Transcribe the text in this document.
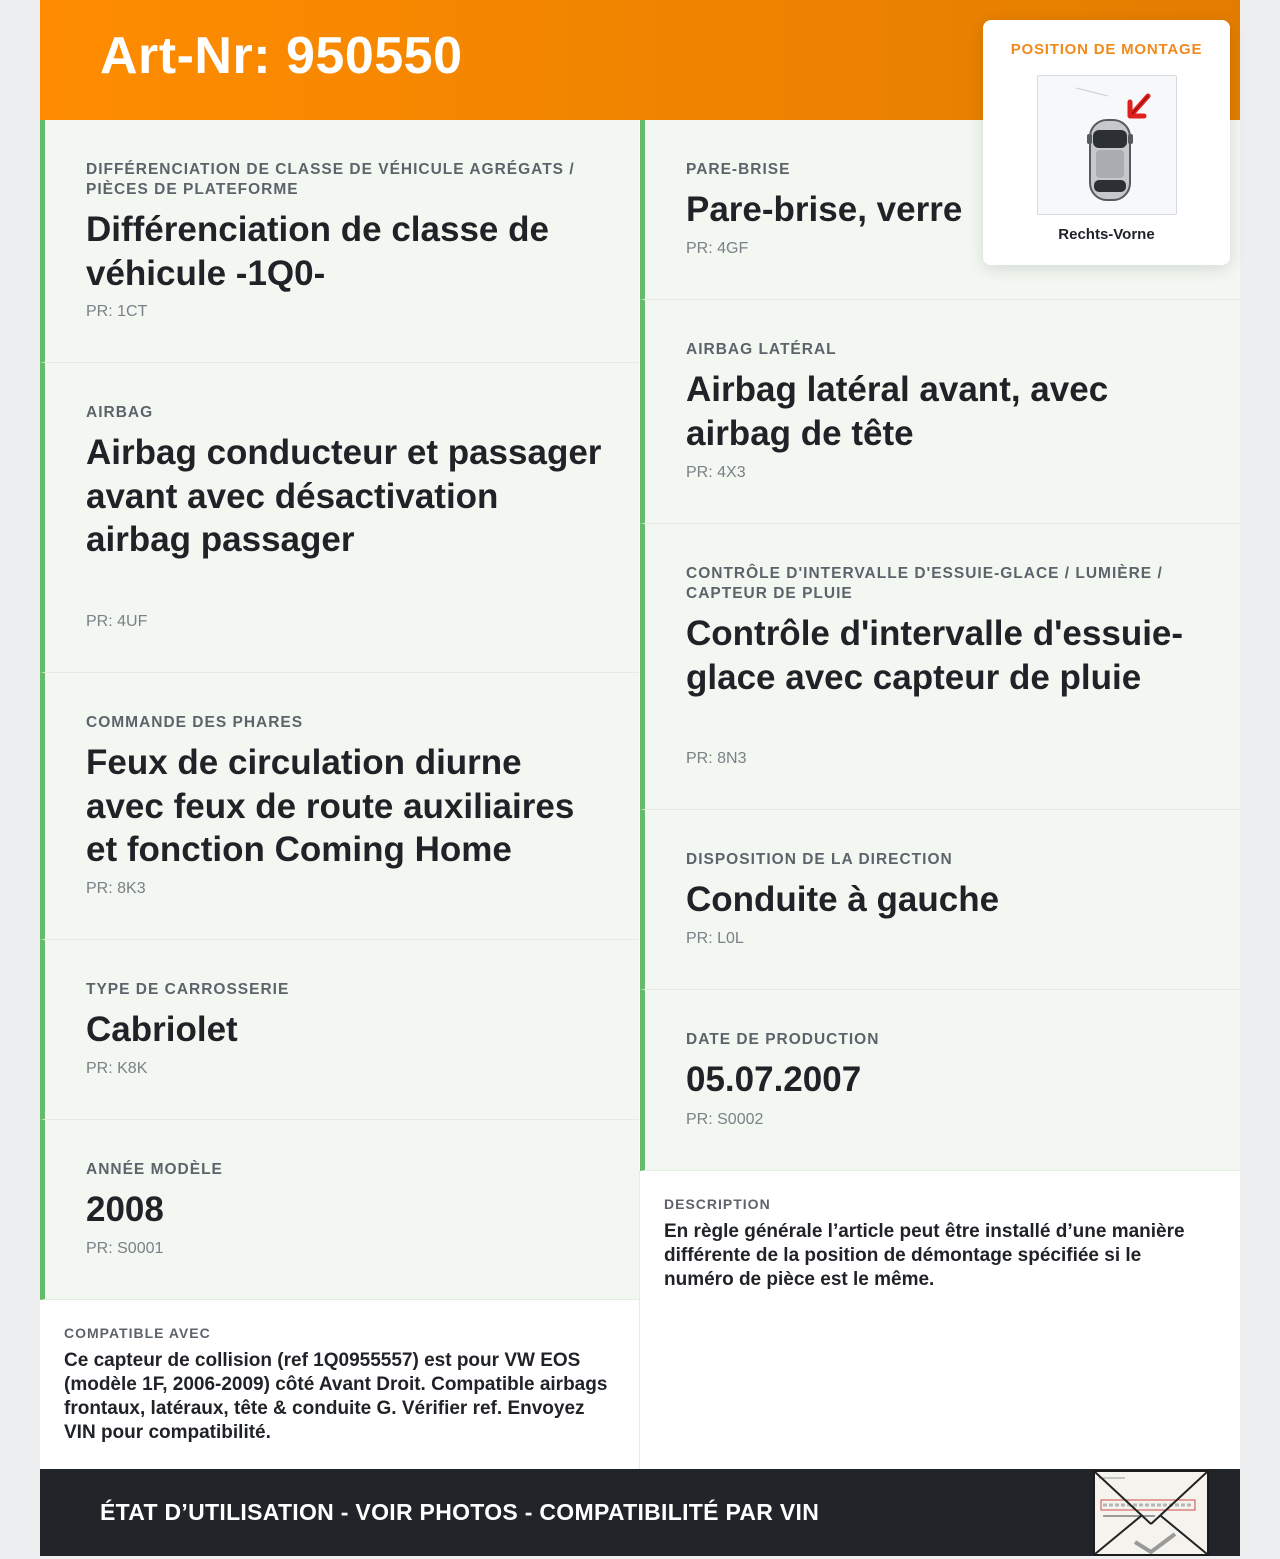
Art-Nr: 950550	POSITION DE MONTAGE
Rechts-Vorne
DIFFÉRENCIATION DE CLASSE DE VÉHICULE AGRÉGATS / PIÈCES DE PLATEFORME
Différenciation de classe de véhicule -1Q0-
PR: 1CT
AIRBAG
Airbag conducteur et passager avant avec désactivation airbag passager
PR: 4UF
COMMANDE DES PHARES
Feux de circulation diurne avec feux de route auxiliaires et fonction Coming Home
PR: 8K3
TYPE DE CARROSSERIE
Cabriolet
PR: K8K
ANNÉE MODÈLE
2008
PR: S0001
PARE-BRISE
Pare-brise, verre
PR: 4GF
AIRBAG LATÉRAL
Airbag latéral avant, avec airbag de tête
PR: 4X3
CONTRÔLE D'INTERVALLE D'ESSUIE-GLACE / LUMIÈRE / CAPTEUR DE PLUIE
Contrôle d'intervalle d'essuie-glace avec capteur de pluie
PR: 8N3
DISPOSITION DE LA DIRECTION
Conduite à gauche
PR: L0L
DATE DE PRODUCTION
05.07.2007
PR: S0002
COMPATIBLE AVEC
Ce capteur de collision (ref 1Q0955557) est pour VW EOS (modèle 1F, 2006-2009) côté Avant Droit. Compatible airbags frontaux, latéraux, tête & conduite G. Vérifier ref. Envoyez VIN pour compatibilité.
DESCRIPTION
En règle générale l’article peut être installé d’une manière différente de la position de démontage spécifiée si le numéro de pièce est le même.
ÉTAT D’UTILISATION - VOIR PHOTOS - COMPATIBILITÉ PAR VIN
